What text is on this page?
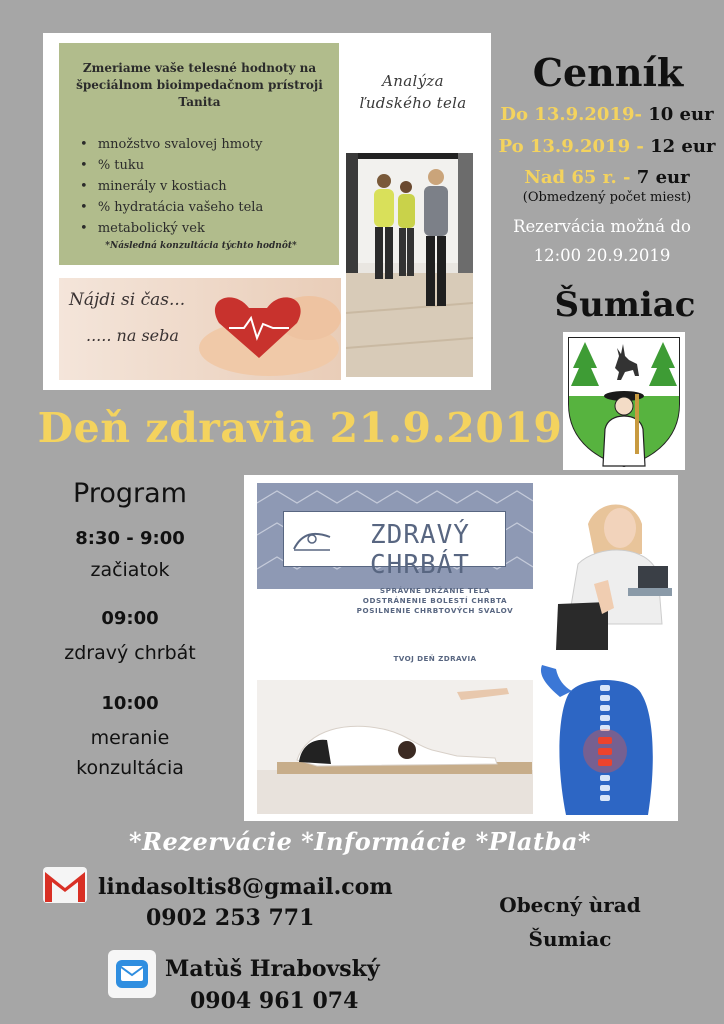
Zmeriame vaše telesné hodnoty na špeciálnom bioimpedačnom prístroji Tanita
• množstvo svalovej hmoty
• % tuku
• minerály v kostiach
• % hydratácia vašeho tela
• metabolický vek
*Následná konzultácia týchto hodnôt*
Analýza
ľudského tela
Nájdi si čas...
..... na seba
Cenník
Do 13.9.2019- 10 eur
Po 13.9.2019 - 12 eur
Nad 65 r. - 7 eur
(Obmedzený počet miest)
Rezervácia možná do
12:00 20.9.2019
Šumiac
Deň zdravia 21.9.2019
Program
8:30 - 9:00
začiatok
09:00
zdravý chrbát
10:00
meranie
konzultácia
ZDRAVÝ CHRBÁT
SPRÁVNE DRŽANIE TELA
ODSTRÁNENIE BOLESTÍ CHRBTA
POSILNENIE CHRBTOVÝCH SVALOV
TVOJ DEŇ ZDRAVIA
*Rezervácie *Informácie *Platba*
lindasoltis8@gmail.com
0902 253 771
Matùš Hrabovský
0904 961 074
Obecný ùrad
Šumiac
